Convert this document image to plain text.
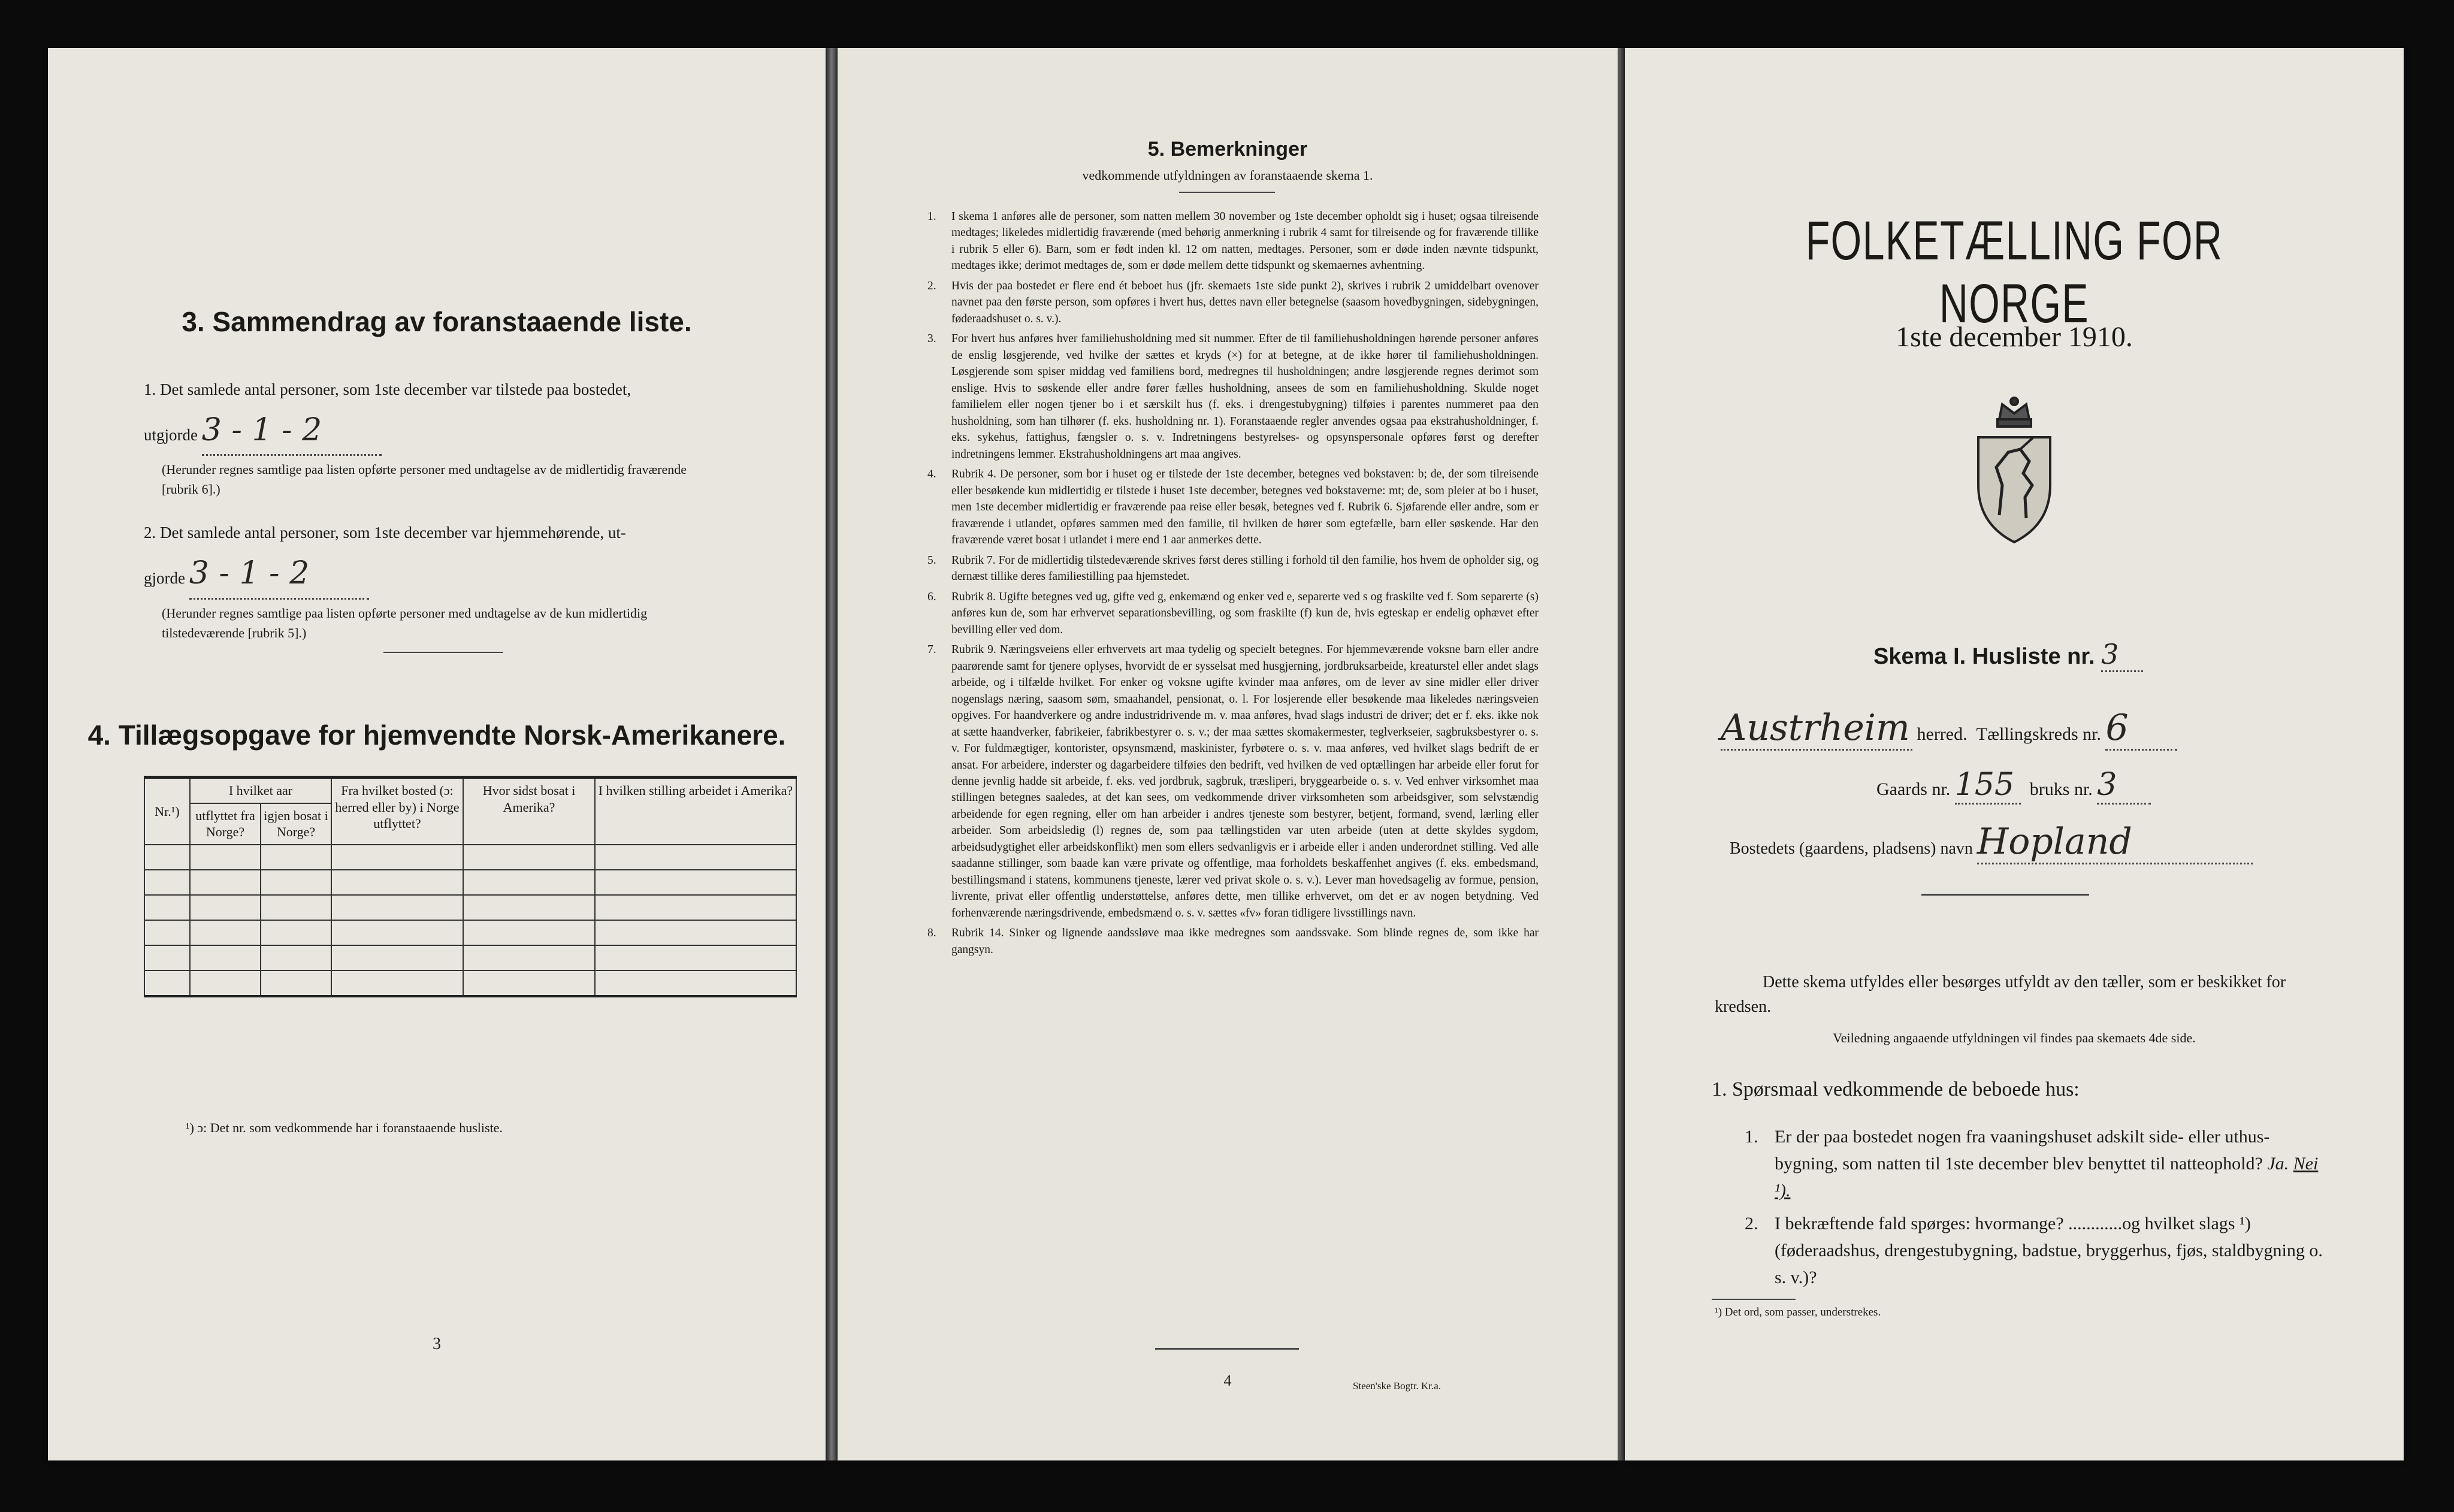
3. Sammendrag av foranstaaende liste.
1. Det samlede antal personer, som 1ste december var tilstede paa bostedet,
utgjorde 3 - 1 - 2
(Herunder regnes samtlige paa listen opførte personer med undtagelse av de midlertidig fraværende [rubrik 6].)
2. Det samlede antal personer, som 1ste december var hjemmehørende, ut-
gjorde 3 - 1 - 2
(Herunder regnes samtlige paa listen opførte personer med undtagelse av de kun midlertidig tilstedeværende [rubrik 5].)
4. Tillægsopgave for hjemvendte Norsk-Amerikanere.
Nr.¹)	I hvilket aar		Fra hvilket bosted (ɔ: herred eller by) i Norge utflyttet?	Hvor sidst bosat i Amerika?	I hvilken stilling arbeidet i Amerika?
	utflyttet fra Norge?	igjen bosat i Norge?			

¹) ɔ: Det nr. som vedkommende har i foranstaaende husliste.
3
5. Bemerkninger
vedkommende utfyldningen av foranstaaende skema 1.
1. I skema 1 anføres alle de personer, som natten mellem 30 november og 1ste december opholdt sig i huset; ogsaa tilreisende medtages; likeledes midlertidig fraværende (med behørig anmerkning i rubrik 4 samt for tilreisende og for fraværende tillike i rubrik 5 eller 6). Barn, som er født inden kl. 12 om natten, medtages. Personer, som er døde inden nævnte tidspunkt, medtages ikke; derimot medtages de, som er døde mellem dette tidspunkt og skemaernes avhentning.

2. Hvis der paa bostedet er flere end ét beboet hus (jfr. skemaets 1ste side punkt 2), skrives i rubrik 2 umiddelbart ovenover navnet paa den første person, som opføres i hvert hus, dettes navn eller betegnelse (saasom hovedbygningen, sidebygningen, føderaadshuset o. s. v.).

3. For hvert hus anføres hver familiehusholdning med sit nummer. Efter de til familiehusholdningen hørende personer anføres de enslig løsgjerende, ved hvilke der sættes et kryds (×) for at betegne, at de ikke hører til familiehusholdningen. Løsgjerende som spiser middag ved familiens bord, medregnes til husholdningen; andre løsgjerende regnes derimot som enslige. Hvis to søskende eller andre fører fælles husholdning, ansees de som en familiehusholdning. Skulde noget familielem eller nogen tjener bo i et særskilt hus (f. eks. i drengestubygning) tilføies i parentes nummeret paa den husholdning, som han tilhører (f. eks. husholdning nr. 1). Foranstaaende regler anvendes ogsaa paa ekstrahusholdninger, f. eks. sykehus, fattighus, fængsler o. s. v. Indretningens bestyrelses- og opsynspersonale opføres først og derefter indretningens lemmer. Ekstrahusholdningens art maa angives.

4. Rubrik 4. De personer, som bor i huset og er tilstede der 1ste december, betegnes ved bokstaven: b; de, der som tilreisende eller besøkende kun midlertidig er tilstede i huset 1ste december, betegnes ved bokstaverne: mt; de, som pleier at bo i huset, men 1ste december midlertidig er fraværende paa reise eller besøk, betegnes ved f. Rubrik 6. Sjøfarende eller andre, som er fraværende i utlandet, opføres sammen med den familie, til hvilken de hører som egtefælle, barn eller søskende. Har den fraværende været bosat i utlandet i mere end 1 aar anmerkes dette.

5. Rubrik 7. For de midlertidig tilstedeværende skrives først deres stilling i forhold til den familie, hos hvem de opholder sig, og dernæst tillike deres familiestilling paa hjemstedet.

6. Rubrik 8. Ugifte betegnes ved ug, gifte ved g, enkemænd og enker ved e, separerte ved s og fraskilte ved f. Som separerte (s) anføres kun de, som har erhvervet separationsbevilling, og som fraskilte (f) kun de, hvis egteskap er endelig ophævet efter bevilling eller ved dom.

7. Rubrik 9. Næringsveiens eller erhvervets art maa tydelig og specielt betegnes. For hjemmeværende voksne barn eller andre paarørende samt for tjenere oplyses, hvorvidt de er sysselsat med husgjerning, jordbruksarbeide, kreaturstel eller andet slags arbeide, og i tilfælde hvilket. For enker og voksne ugifte kvinder maa anføres, om de lever av sine midler eller driver nogenslags næring, saasom søm, smaahandel, pensionat, o. l. For losjerende eller besøkende maa likeledes næringsveien opgives. For haandverkere og andre industridrivende m. v. maa anføres, hvad slags industri de driver; det er f. eks. ikke nok at sætte haandverker, fabrikeier, fabrikbestyrer o. s. v.; der maa sættes skomakermester, teglverkseier, sagbruksbestyrer o. s. v. For fuldmægtiger, kontorister, opsynsmænd, maskinister, fyrbøtere o. s. v. maa anføres, ved hvilket slags bedrift de er ansat. For arbeidere, inderster og dagarbeidere tilføies den bedrift, ved hvilken de ved optællingen har arbeide eller forut for denne jevnlig hadde sit arbeide, f. eks. ved jordbruk, sagbruk, træsliperi, bryggearbeide o. s. v. Ved enhver virksomhet maa stillingen betegnes saaledes, at det kan sees, om vedkommende driver virksomheten som arbeidsgiver, som selvstændig arbeidende for egen regning, eller om han arbeider i andres tjeneste som bestyrer, betjent, formand, svend, lærling eller arbeider. Som arbeidsledig (l) regnes de, som paa tællingstiden var uten arbeide (uten at dette skyldes sygdom, arbeidsudygtighet eller arbeidskonflikt) men som ellers sedvanligvis er i arbeide eller i anden underordnet stilling. Ved alle saadanne stillinger, som baade kan være private og offentlige, maa forholdets beskaffenhet angives (f. eks. embedsmand, bestillingsmand i statens, kommunens tjeneste, lærer ved privat skole o. s. v.). Lever man hovedsagelig av formue, pension, livrente, privat eller offentlig understøttelse, anføres dette, men tillike erhvervet, om det er av nogen betydning. Ved forhenværende næringsdrivende, embedsmænd o. s. v. sættes «fv» foran tidligere livsstillings navn.

8. Rubrik 14. Sinker og lignende aandssløve maa ikke medregnes som aandssvake. Som blinde regnes de, som ikke har gangsyn.

4	Steen'ske Bogtr. Kr.a.
FOLKETÆLLING FOR NORGE
1ste december 1910.
Skema I. Husliste nr. 3
Austrheim herred. Tællingskreds nr. 6
Gaards nr. 155 bruks nr. 3
Bostedets (gaardens, pladsens) navn Hopland
Dette skema utfyldes eller besørges utfyldt av den tæller, som er beskikket for kredsen.
Veiledning angaaende utfyldningen vil findes paa skemaets 4de side.
1. Spørsmaal vedkommende de beboede hus:
1. Er der paa bostedet nogen fra vaaningshuset adskilt side- eller uthus-bygning, som natten til 1ste december blev benyttet til natteophold? Ja. Nei ¹).
2. I bekræftende fald spørges: hvormange? ............og hvilket slags ¹) (føderaadshus, drengestubygning, badstue, bryggerhus, fjøs, staldbygning o. s. v.)?
¹) Det ord, som passer, understrekes.
